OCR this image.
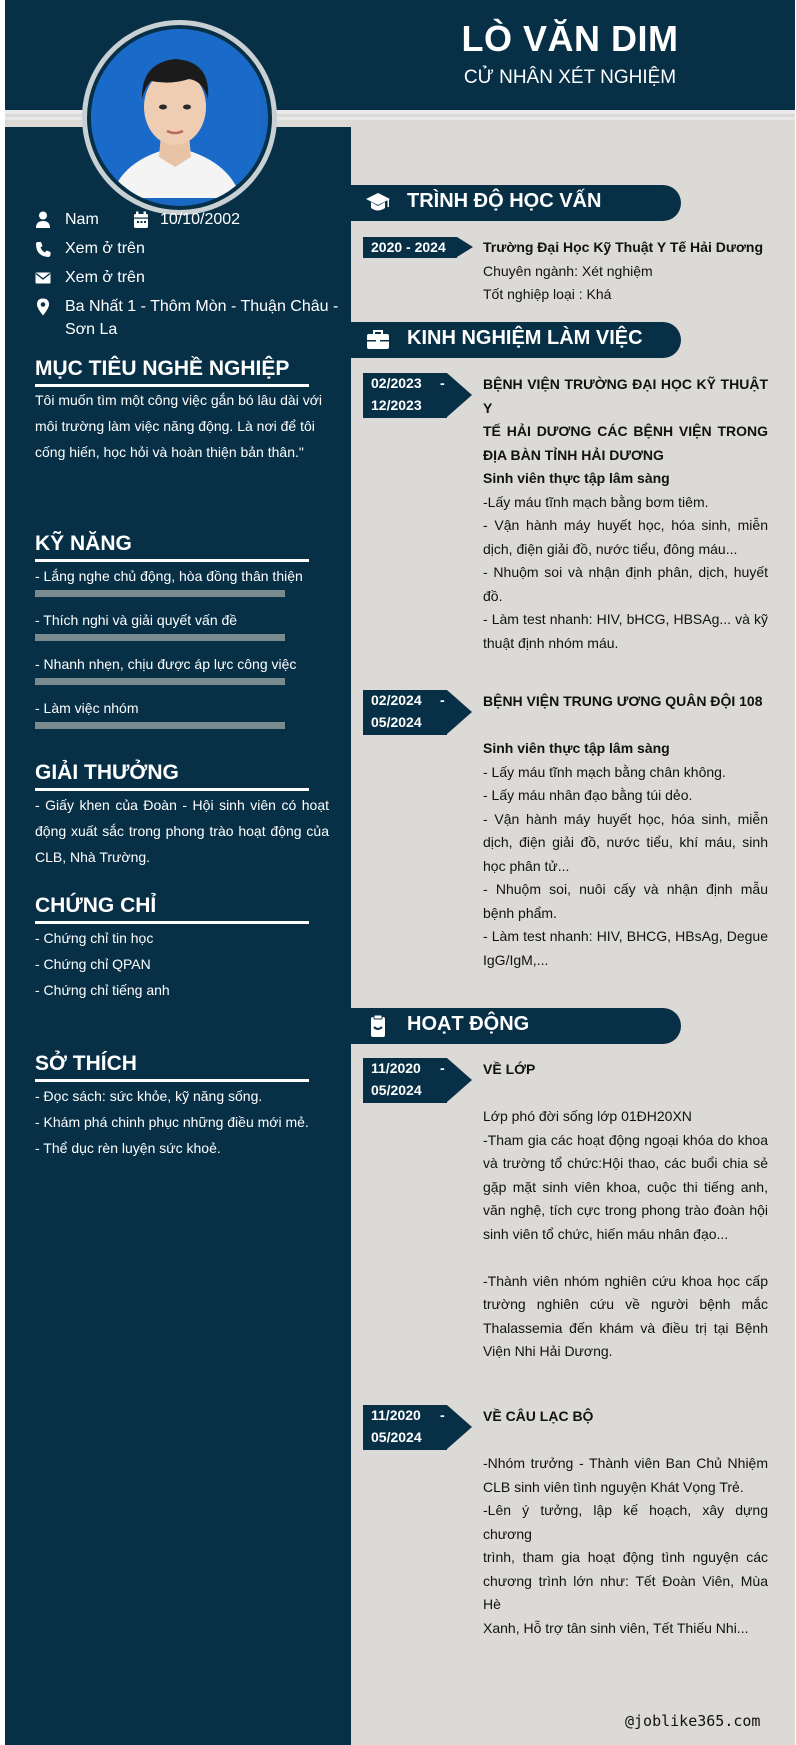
LÒ VĂN DIM
CỬ NHÂN XÉT NGHIỆM
Nam	10/10/2002
Xem ở trên
Xem ở trên
Ba Nhất 1 - Thôm Mòn - Thuận Châu -
Sơn La
MỤC TIÊU NGHỀ NGHIỆP
Tôi muốn tìm một công việc gắn bó lâu dài với
môi trường làm việc năng động. Là nơi để tôi
cống hiến, học hỏi và hoàn thiện bản thân."
KỸ NĂNG
- Lắng nghe chủ động, hòa đồng thân thiện
- Thích nghi và giải quyết vấn đề
- Nhanh nhẹn, chịu được áp lực công việc
- Làm việc nhóm
GIẢI THƯỞNG
- Giấy khen của Đoàn - Hội sinh viên có hoạt
động xuất sắc trong phong trào hoạt động của
CLB, Nhà Trường.
CHỨNG CHỈ
- Chứng chỉ tin học
- Chứng chỉ QPAN
- Chứng chỉ tiếng anh
SỞ THÍCH
- Đọc sách: sức khỏe, kỹ năng sống.
- Khám phá chinh phục những điều mới mẻ.
- Thể dục rèn luyện sức khoẻ.
TRÌNH ĐỘ HỌC VẤN
2020 - 2024	Trường Đại Học Kỹ Thuật Y Tế Hải Dương
Chuyên ngành: Xét nghiệm
Tốt nghiệp loại : Khá
KINH NGHIỆM LÀM VIỆC
02/2023 -
12/2023
BỆNH VIỆN TRƯỜNG ĐẠI HỌC KỸ THUẬT Y
TẾ HẢI DƯƠNG CÁC BỆNH VIỆN TRONG
ĐỊA BÀN TỈNH HẢI DƯƠNG
Sinh viên thực tập lâm sàng
-Lấy máu tĩnh mạch bằng bơm tiêm.
- Vận hành máy huyết học, hóa sinh, miễn
dịch, điện giải đồ, nước tiểu, đông máu...
- Nhuộm soi và nhận định phân, dịch, huyết
đồ.
- Làm test nhanh: HIV, bHCG, HBSAg... và kỹ
thuật định nhóm máu.
02/2024 -
05/2024
BỆNH VIỆN TRUNG ƯƠNG QUÂN ĐỘI 108
Sinh viên thực tập lâm sàng
- Lấy máu tĩnh mạch bằng chân không.
- Lấy máu nhân đạo bằng túi dẻo.
- Vận hành máy huyết học, hóa sinh, miễn
dịch, điện giải đồ, nước tiểu, khí máu, sinh
học phân tử...
- Nhuộm soi, nuôi cấy và nhận định mẫu
bệnh phẩm.
- Làm test nhanh: HIV, BHCG, HBsAg, Degue
IgG/IgM,...
HOẠT ĐỘNG
11/2020 -
05/2024
VỀ LỚP
Lớp phó đời sống lớp 01ĐH20XN
-Tham gia các hoạt động ngoại khóa do khoa
và trường tổ chức:Hội thao, các buổi chia sẻ
gặp mặt sinh viên khoa, cuộc thi tiếng anh,
văn nghệ, tích cực trong phong trào đoàn hội
sinh viên tổ chức, hiến máu nhân đạo...
-Thành viên nhóm nghiên cứu khoa học cấp
trường nghiên cứu về người bệnh mắc
Thalassemia đến khám và điều trị tại Bệnh
Viện Nhi Hải Dương.
11/2020 -
05/2024
VỀ CÂU LẠC BỘ
-Nhóm trưởng - Thành viên Ban Chủ Nhiệm
CLB sinh viên tình nguyện Khát Vọng Trẻ.
-Lên ý tưởng, lập kế hoạch, xây dựng chương
trình, tham gia hoạt động tình nguyện các
chương trình lớn như: Tết Đoàn Viên, Mùa Hè
Xanh, Hỗ trợ tân sinh viên, Tết Thiếu Nhi...
@joblike365.com
